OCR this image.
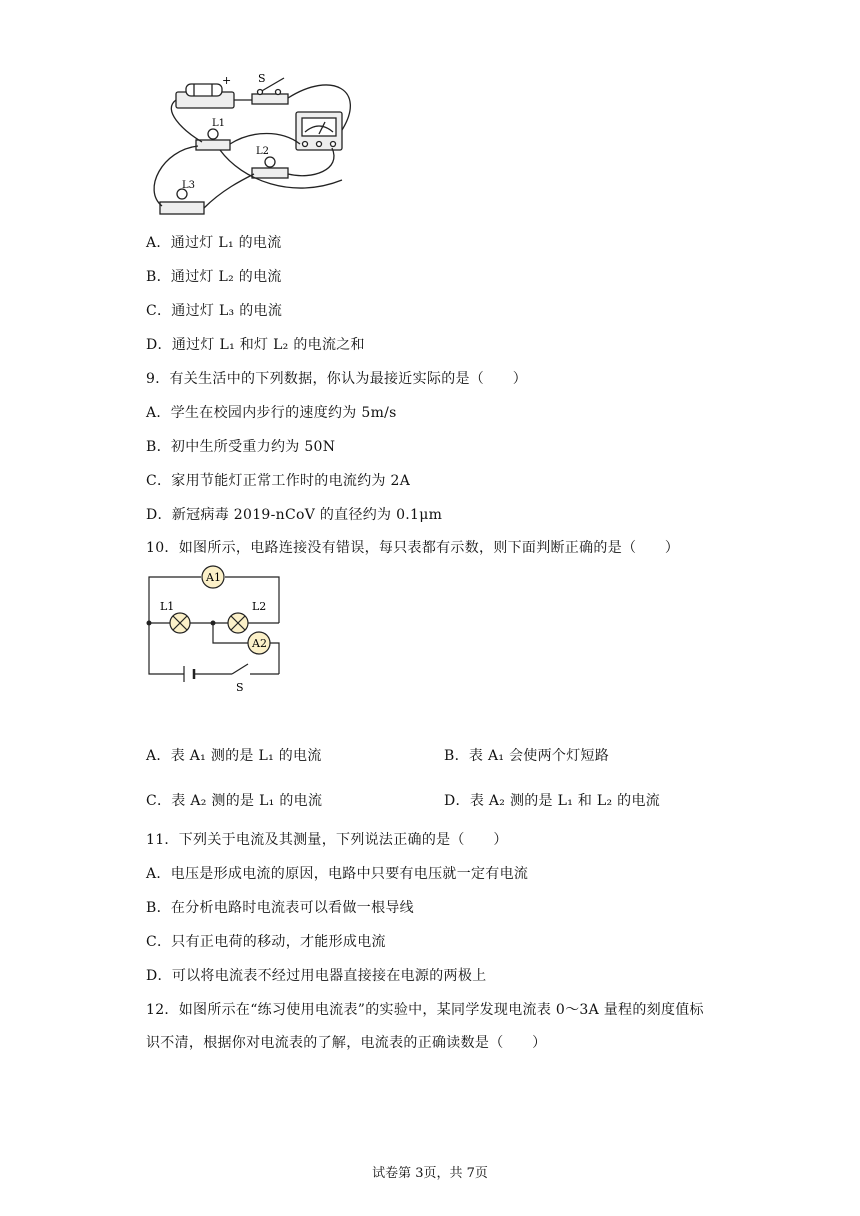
+ S
L1
L2
L3
A．通过灯 L₁ 的电流
B．通过灯 L₂ 的电流
C．通过灯 L₃ 的电流
D．通过灯 L₁ 和灯 L₂ 的电流之和
9．有关生活中的下列数据，你认为最接近实际的是（　　）
A．学生在校园内步行的速度约为 5m/s
B．初中生所受重力约为 50N
C．家用节能灯正常工作时的电流约为 2A
D．新冠病毒 2019-nCoV 的直径约为 0.1μm
10．如图所示，电路连接没有错误，每只表都有示数，则下面判断正确的是（　　）
A1
A2
L1	L2
S
A．表 A₁ 测的是 L₁ 的电流	B．表 A₁ 会使两个灯短路
C．表 A₂ 测的是 L₁ 的电流	D．表 A₂ 测的是 L₁ 和 L₂ 的电流
11．下列关于电流及其测量，下列说法正确的是（　　）
A．电压是形成电流的原因，电路中只要有电压就一定有电流
B．在分析电路时电流表可以看做一根导线
C．只有正电荷的移动，才能形成电流
D．可以将电流表不经过用电器直接接在电源的两极上
12．如图所示在“练习使用电流表”的实验中，某同学发现电流表 0～3A 量程的刻度值标
识不清，根据你对电流表的了解，电流表的正确读数是（　　）
试卷第 3页，共 7页
